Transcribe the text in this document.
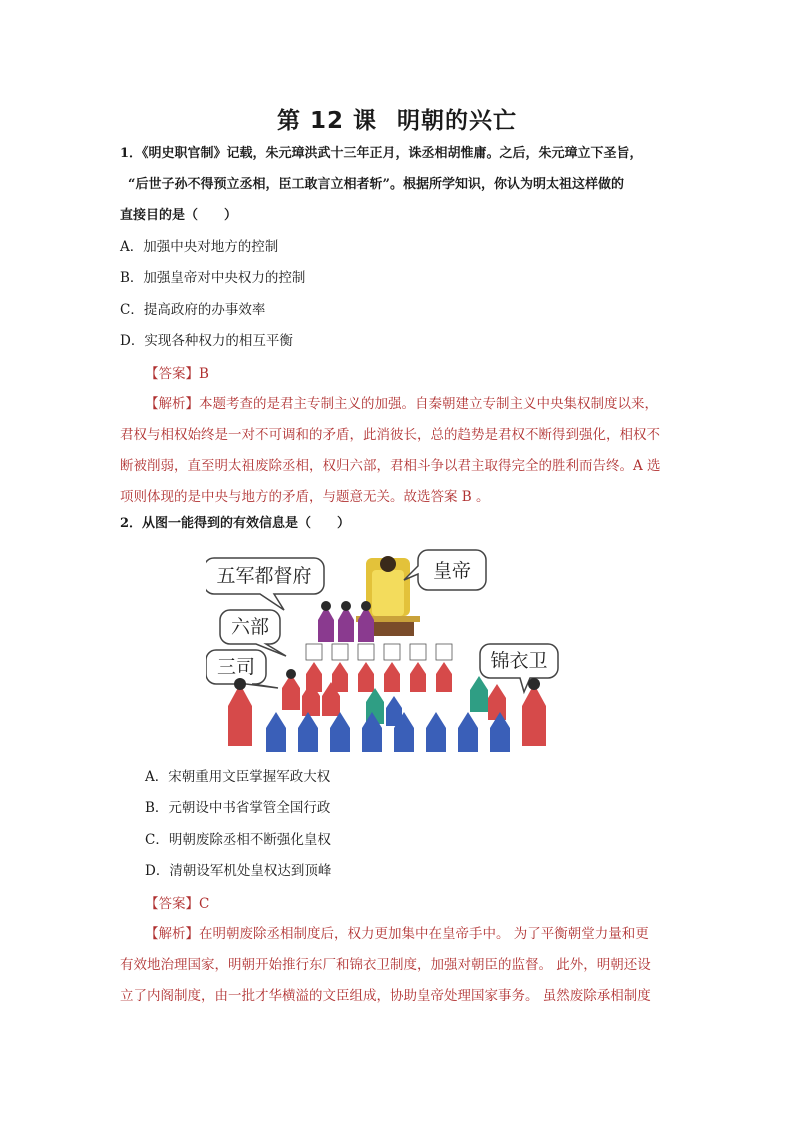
第 12 课 明朝的兴亡
1．《明史职官制》记载，朱元璋洪武十三年正月，诛丞相胡惟庸。之后，朱元璋立下圣旨，
“后世子孙不得预立丞相，臣工敢言立相者斩”。根据所学知识，你认为明太祖这样做的
直接目的是（　　）
A．加强中央对地方的控制
B．加强皇帝对中央权力的控制
C．提高政府的办事效率
D．实现各种权力的相互平衡
【答案】B
【解析】本题考查的是君主专制主义的加强。自秦朝建立专制主义中央集权制度以来，
君权与相权始终是一对不可调和的矛盾，此消彼长，总的趋势是君权不断得到强化，相权不
断被削弱，直至明太祖废除丞相，权归六部，君相斗争以君主取得完全的胜利而告终。A 选
项则体现的是中央与地方的矛盾，与题意无关。故选答案 B 。
2．从图一能得到的有效信息是（　　）
皇帝
五军都督府
六部
三司	锦衣卫
A．宋朝重用文臣掌握军政大权
B．元朝设中书省掌管全国行政
C．明朝废除丞相不断强化皇权
D．清朝设军机处皇权达到顶峰
【答案】C
【解析】在明朝废除丞相制度后，权力更加集中在皇帝手中。 为了平衡朝堂力量和更
有效地治理国家，明朝开始推行东厂和锦衣卫制度，加强对朝臣的监督。 此外，明朝还设
立了内阁制度，由一批才华横溢的文臣组成，协助皇帝处理国家事务。 虽然废除承相制度
